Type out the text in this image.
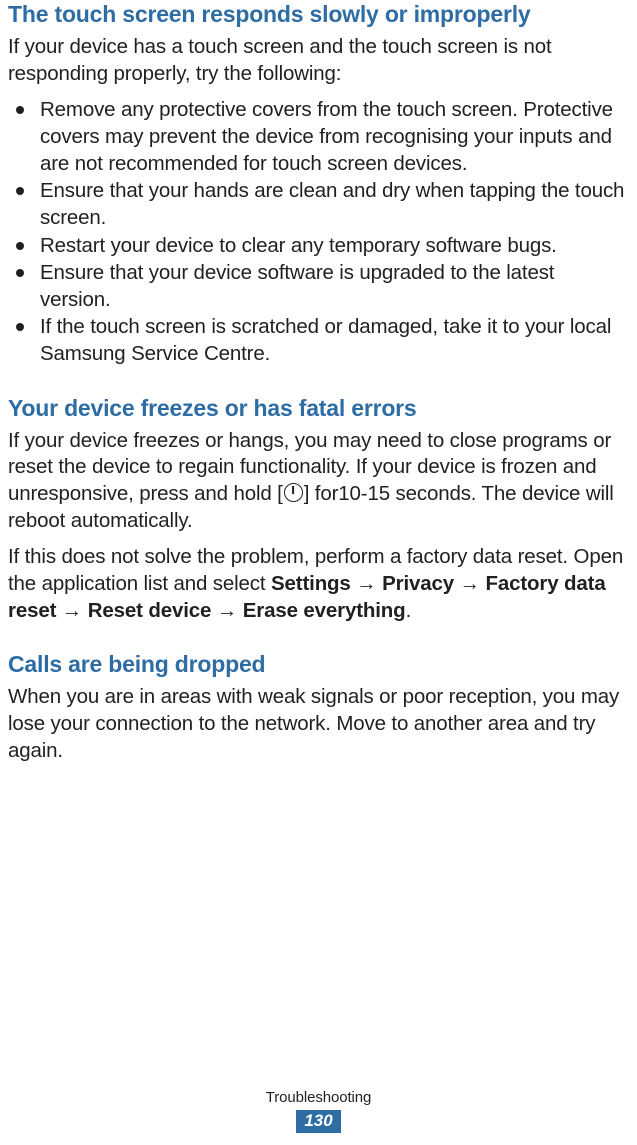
The touch screen responds slowly or improperly

If your device has a touch screen and the touch screen is not responding properly, try the following:

Remove any protective covers from the touch screen. Protective covers may prevent the device from recognising your inputs and are not recommended for touch screen devices.
Ensure that your hands are clean and dry when tapping the touch screen.
Restart your device to clear any temporary software bugs.
Ensure that your device software is upgraded to the latest version.
If the touch screen is scratched or damaged, take it to your local Samsung Service Centre.
Your device freezes or has fatal errors

If your device freezes or hangs, you may need to close programs or reset the device to regain functionality. If your device is frozen and unresponsive, press and hold [ ] for10-15 seconds. The device will reboot automatically.

If this does not solve the problem, perform a factory data reset. Open the application list and select Settings → Privacy → Factory data reset → Reset device → Erase everything.

Calls are being dropped

When you are in areas with weak signals or poor reception, you may lose your connection to the network. Move to another area and try again.

Troubleshooting
130
